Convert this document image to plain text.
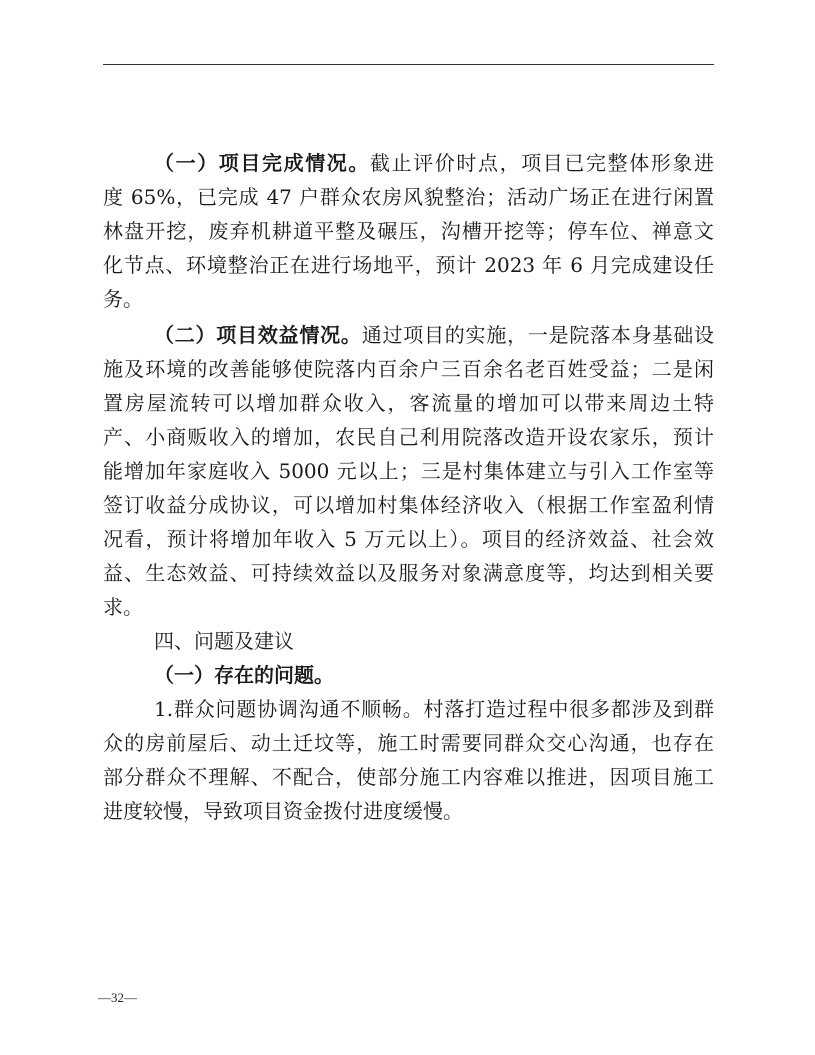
（一）项目完成情况。截止评价时点，项目已完整体形象进
度 65%，已完成 47 户群众农房风貌整治；活动广场正在进行闲置
林盘开挖，废弃机耕道平整及碾压，沟槽开挖等；停车位、禅意文
化节点、环境整治正在进行场地平，预计 2023 年 6 月完成建设任
务。
（二）项目效益情况。通过项目的实施，一是院落本身基础设
施及环境的改善能够使院落内百余户三百余名老百姓受益；二是闲
置房屋流转可以增加群众收入，客流量的增加可以带来周边土特
产、小商贩收入的增加，农民自己利用院落改造开设农家乐，预计
能增加年家庭收入 5000 元以上；三是村集体建立与引入工作室等
签订收益分成协议，可以增加村集体经济收入（根据工作室盈利情
况看，预计将增加年收入 5 万元以上）。项目的经济效益、社会效
益、生态效益、可持续效益以及服务对象满意度等，均达到相关要
求。
四、问题及建议
（一）存在的问题。
1.群众问题协调沟通不顺畅。村落打造过程中很多都涉及到群
众的房前屋后、动土迁坟等，施工时需要同群众交心沟通，也存在
部分群众不理解、不配合，使部分施工内容难以推进，因项目施工
进度较慢，导致项目资金拨付进度缓慢。
—32—
